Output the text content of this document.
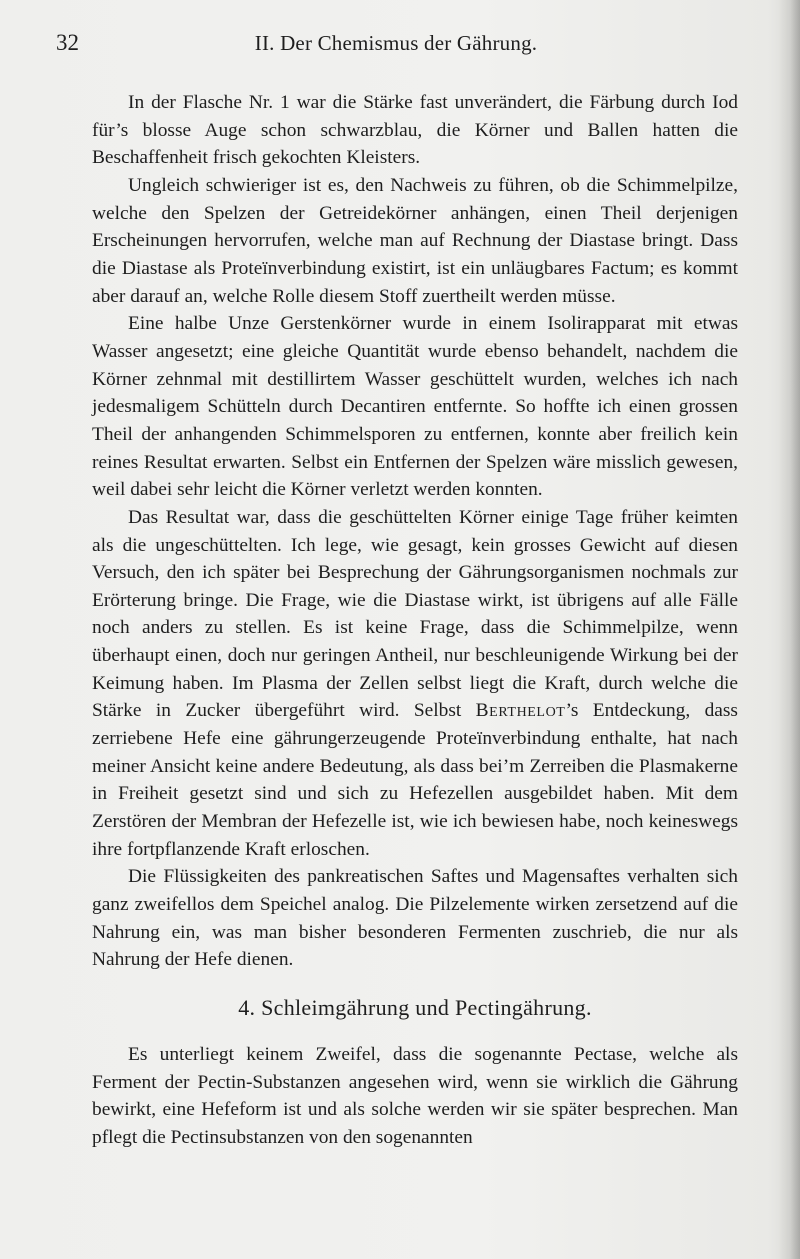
32	II. Der Chemismus der Gährung.

In der Flasche Nr. 1 war die Stärke fast unverändert, die Färbung durch Iod für’s blosse Auge schon schwarzblau, die Körner und Ballen hatten die Beschaffenheit frisch gekochten Kleisters.

Ungleich schwieriger ist es, den Nachweis zu führen, ob die Schimmelpilze, welche den Spelzen der Getreidekörner anhängen, einen Theil derjenigen Erscheinungen hervorrufen, welche man auf Rechnung der Diastase bringt. Dass die Diastase als Proteïnverbindung existirt, ist ein unläugbares Factum; es kommt aber darauf an, welche Rolle diesem Stoff zuertheilt werden müsse.

Eine halbe Unze Gerstenkörner wurde in einem Isolirapparat mit etwas Wasser angesetzt; eine gleiche Quantität wurde ebenso behandelt, nachdem die Körner zehnmal mit destillirtem Wasser geschüttelt wurden, welches ich nach jedesmaligem Schütteln durch Decantiren entfernte. So hoffte ich einen grossen Theil der anhangenden Schimmelsporen zu entfernen, konnte aber freilich kein reines Resultat erwarten. Selbst ein Entfernen der Spelzen wäre misslich gewesen, weil dabei sehr leicht die Körner verletzt werden konnten.

Das Resultat war, dass die geschüttelten Körner einige Tage früher keimten als die ungeschüttelten. Ich lege, wie gesagt, kein grosses Gewicht auf diesen Versuch, den ich später bei Besprechung der Gährungsorganismen nochmals zur Erörterung bringe. Die Frage, wie die Diastase wirkt, ist übrigens auf alle Fälle noch anders zu stellen. Es ist keine Frage, dass die Schimmelpilze, wenn überhaupt einen, doch nur geringen Antheil, nur beschleunigende Wirkung bei der Keimung haben. Im Plasma der Zellen selbst liegt die Kraft, durch welche die Stärke in Zucker übergeführt wird. Selbst Berthelot’s Entdeckung, dass zerriebene Hefe eine gährungerzeugende Proteïnverbindung enthalte, hat nach meiner Ansicht keine andere Bedeutung, als dass bei’m Zerreiben die Plasmakerne in Freiheit gesetzt sind und sich zu Hefezellen ausgebildet haben. Mit dem Zerstören der Membran der Hefezelle ist, wie ich bewiesen habe, noch keineswegs ihre fortpflanzende Kraft erloschen.

Die Flüssigkeiten des pankreatischen Saftes und Magensaftes verhalten sich ganz zweifellos dem Speichel analog. Die Pilzelemente wirken zersetzend auf die Nahrung ein, was man bisher besonderen Fermenten zuschrieb, die nur als Nahrung der Hefe dienen.

4. Schleimgährung und Pectingährung.

Es unterliegt keinem Zweifel, dass die sogenannte Pectase, welche als Ferment der Pectin-Substanzen angesehen wird, wenn sie wirklich die Gährung bewirkt, eine Hefeform ist und als solche werden wir sie später besprechen. Man pflegt die Pectinsubstanzen von den sogenannten
